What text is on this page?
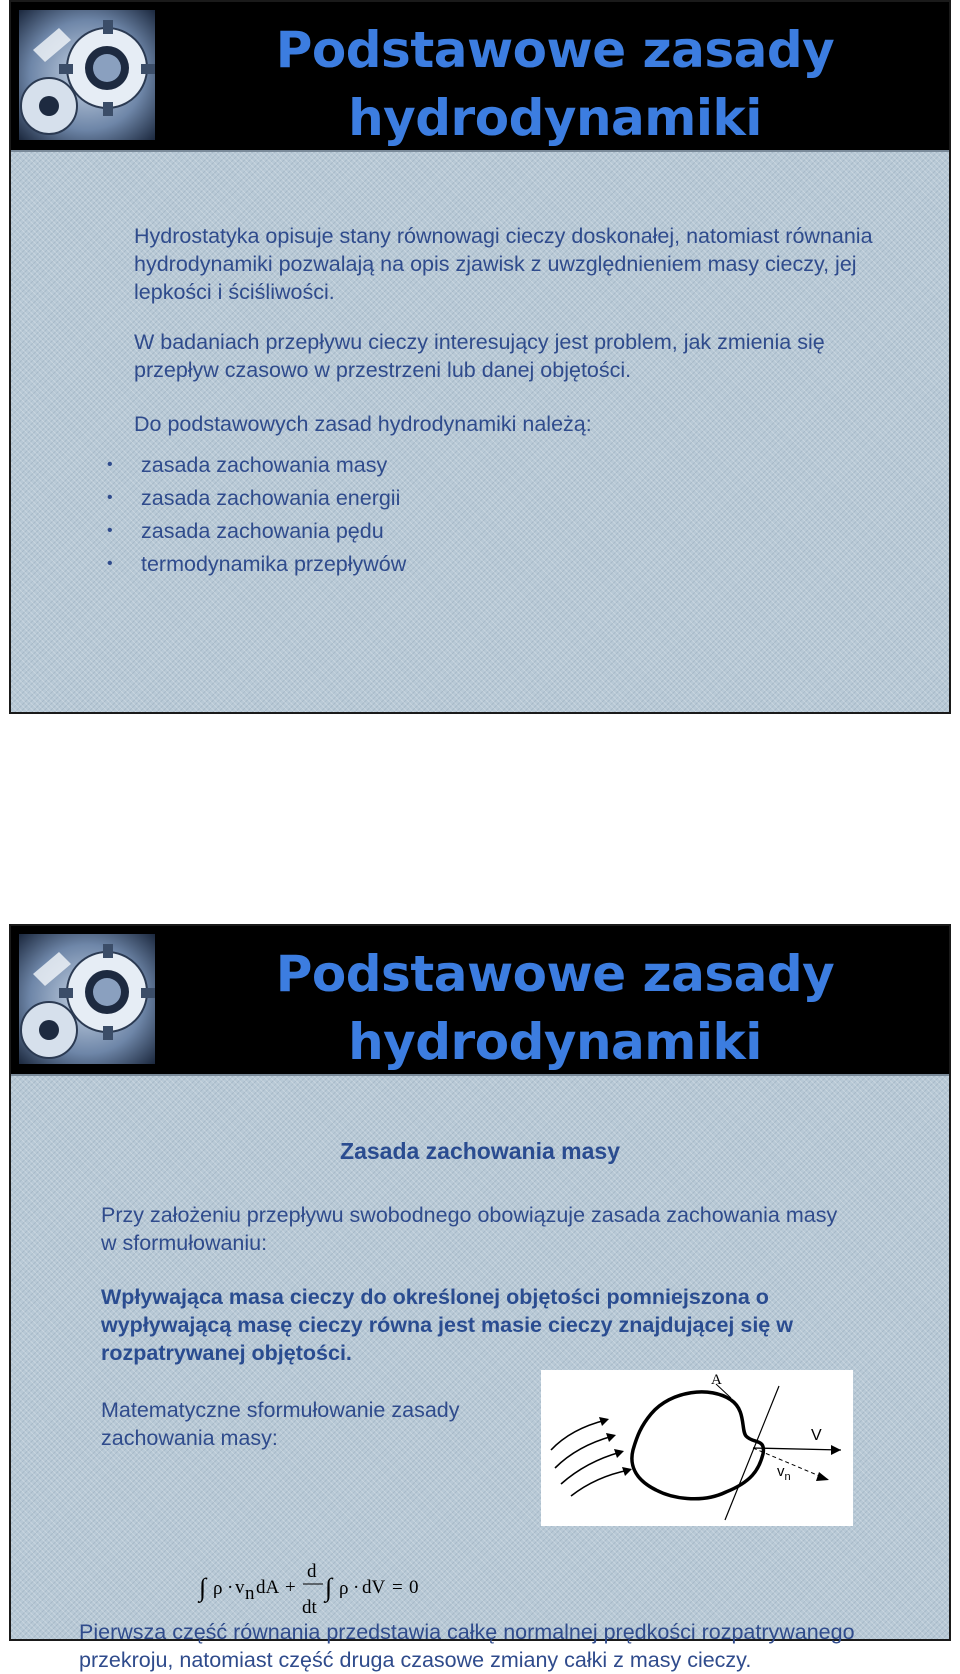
Podstawowe zasady
hydrodynamiki

Hydrostatyka opisuje stany równowagi cieczy doskonałej, natomiast równania hydrodynamiki pozwalają na opis zjawisk z uwzględnieniem masy cieczy, jej lepkości i ściśliwości.

W badaniach przepływu cieczy interesujący jest problem, jak zmienia się przepływ czasowo w przestrzeni lub danej objętości.

Do podstawowych zasad hydrodynamiki należą:

• zasada zachowania masy
• zasada zachowania energii
• zasada zachowania pędu
• termodynamika przepływów
Podstawowe zasady
hydrodynamiki
Zasada zachowania masy

Przy założeniu przepływu swobodnego obowiązuje zasada zachowania masy w sformułowaniu:

Wpływająca masa cieczy do określonej objętości pomniejszona o wypływającą masę cieczy równa jest masie cieczy znajdującej się w rozpatrywanej objętości.

Matematyczne sformułowanie zasady zachowania masy:

A
V
$v_n$
∫ ρ · v n dA +
d
dt
∫ ρ · dV = 0

Pierwsza część równania przedstawia całkę normalnej prędkości rozpatrywanego przekroju, natomiast część druga czasowe zmiany całki z masy cieczy.
